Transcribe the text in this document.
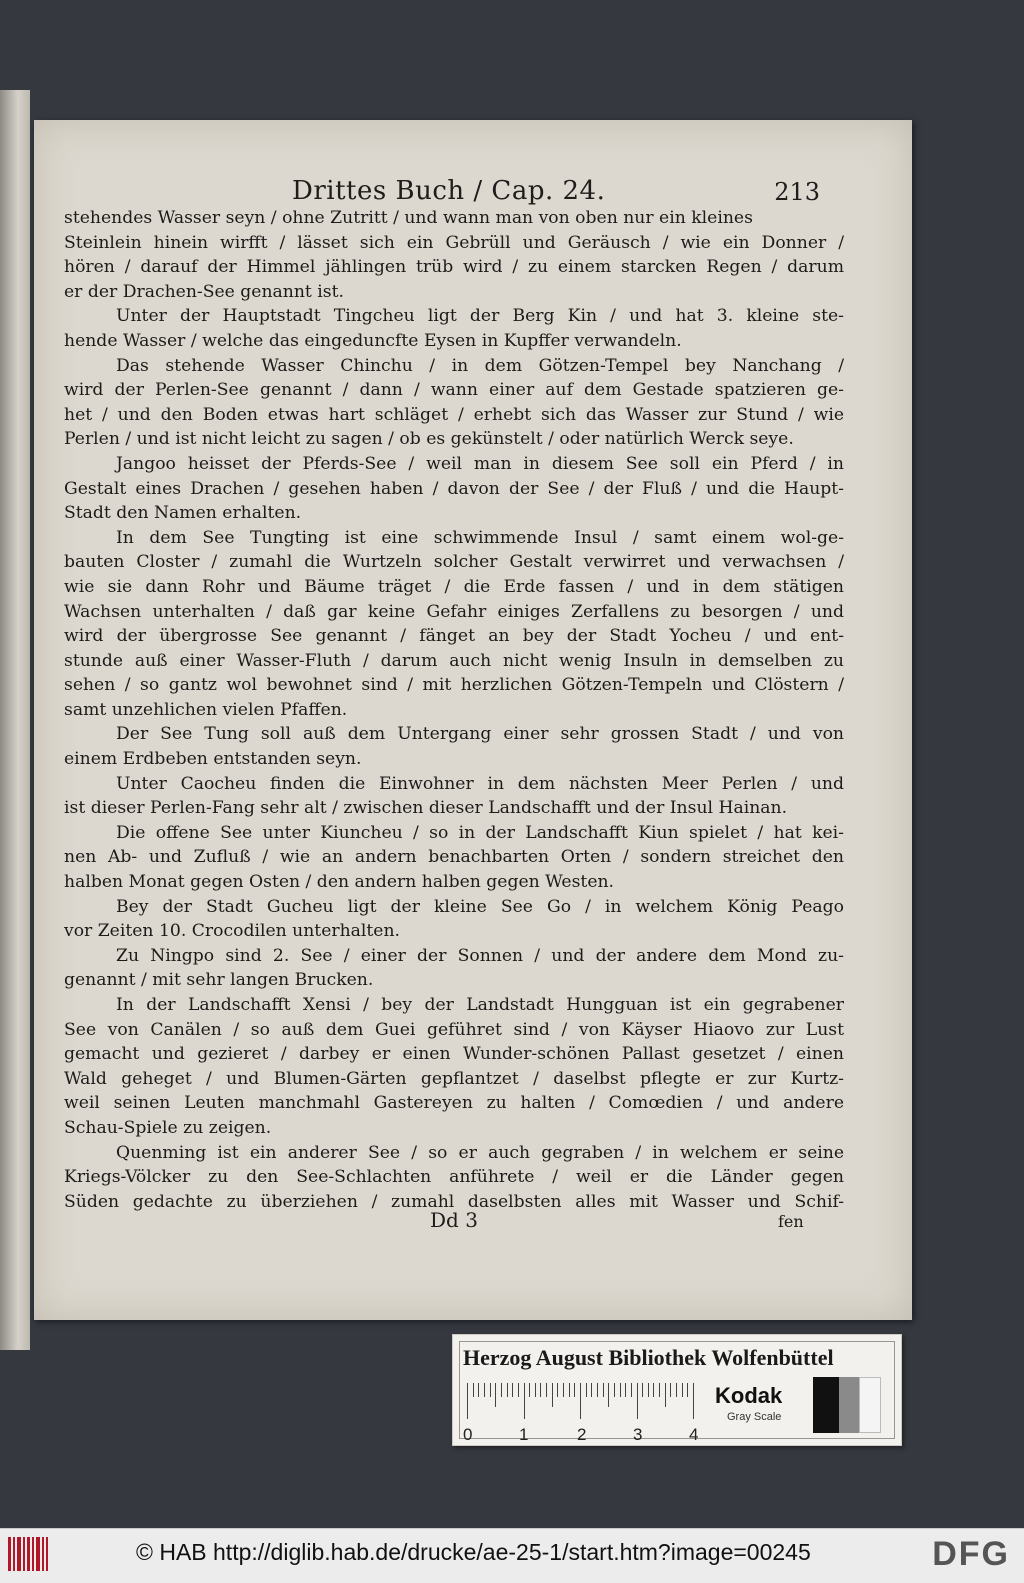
Drittes Buch / Cap. 24.	213
stehendes Wasser seyn / ohne Zutritt / und wann man von oben nur ein kleines
Steinlein hinein wirfft / lässet sich ein Gebrüll und Geräusch / wie ein Donner /
hören / darauf der Himmel jählingen trüb wird / zu einem starcken Regen / darum
er der Drachen-See genannt ist.
Unter der Hauptstadt Tingcheu ligt der Berg Kin / und hat 3. kleine ste-
hende Wasser / welche das eingeduncfte Eysen in Kupffer verwandeln.
Das stehende Wasser Chinchu / in dem Götzen-Tempel bey Nanchang /
wird der Perlen-See genannt / dann / wann einer auf dem Gestade spatzieren ge-
het / und den Boden etwas hart schläget / erhebt sich das Wasser zur Stund / wie
Perlen / und ist nicht leicht zu sagen / ob es gekünstelt / oder natürlich Werck seye.
Jangoo heisset der Pferds-See / weil man in diesem See soll ein Pferd / in
Gestalt eines Drachen / gesehen haben / davon der See / der Fluß / und die Haupt-
Stadt den Namen erhalten.
In dem See Tungting ist eine schwimmende Insul / samt einem wol-ge-
bauten Closter / zumahl die Wurtzeln solcher Gestalt verwirret und verwachsen /
wie sie dann Rohr und Bäume träget / die Erde fassen / und in dem stätigen
Wachsen unterhalten / daß gar keine Gefahr einiges Zerfallens zu besorgen / und
wird der übergrosse See genannt / fänget an bey der Stadt Yocheu / und ent-
stunde auß einer Wasser-Fluth / darum auch nicht wenig Insuln in demselben zu
sehen / so gantz wol bewohnet sind / mit herzlichen Götzen-Tempeln und Clöstern /
samt unzehlichen vielen Pfaffen.
Der See Tung soll auß dem Untergang einer sehr grossen Stadt / und von
einem Erdbeben entstanden seyn.
Unter Caocheu finden die Einwohner in dem nächsten Meer Perlen / und
ist dieser Perlen-Fang sehr alt / zwischen dieser Landschafft und der Insul Hainan.
Die offene See unter Kiuncheu / so in der Landschafft Kiun spielet / hat kei-
nen Ab- und Zufluß / wie an andern benachbarten Orten / sondern streichet den
halben Monat gegen Osten / den andern halben gegen Westen.
Bey der Stadt Gucheu ligt der kleine See Go / in welchem König Peago
vor Zeiten 10. Crocodilen unterhalten.
Zu Ningpo sind 2. See / einer der Sonnen / und der andere dem Mond zu-
genannt / mit sehr langen Brucken.
In der Landschafft Xensi / bey der Landstadt Hungguan ist ein gegrabener
See von Canälen / so auß dem Guei geführet sind / von Käyser Hiaovo zur Lust
gemacht und gezieret / darbey er einen Wunder-schönen Pallast gesetzet / einen
Wald geheget / und Blumen-Gärten gepflantzet / daselbst pflegte er zur Kurtz-
weil seinen Leuten manchmahl Gastereyen zu halten / Comœdien / und andere
Schau-Spiele zu zeigen.
Quenming ist ein anderer See / so er auch gegraben / in welchem er seine
Kriegs-Völcker zu den See-Schlachten anführete / weil er die Länder gegen
Süden gedachte zu überziehen / zumahl daselbsten alles mit Wasser und Schif-
Dd 3	fen
Herzog August Bibliothek Wolfenbüttel
0	1	2	3	4
Kodak
Gray Scale
© HAB http://diglib.hab.de/drucke/ae-25-1/start.htm?image=00245	DFG
